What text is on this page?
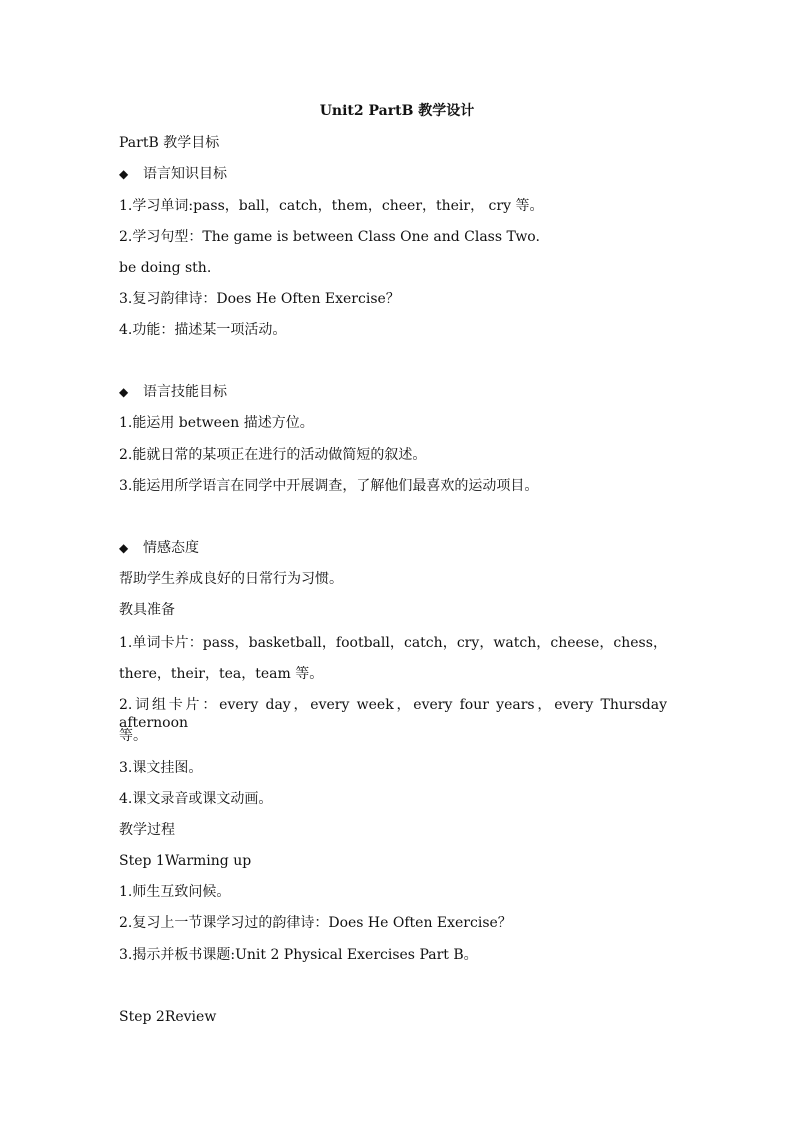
Unit2 PartB 教学设计
PartB 教学目标
◆ 语言知识目标
1.学习单词:pass，ball，catch，them，cheer，their， cry 等。
2.学习句型：The game is between Class One and Class Two.
be doing sth.
3.复习韵律诗：Does He Often Exercise？
4.功能：描述某一项活动。
◆ 语言技能目标
1.能运用 between 描述方位。
2.能就日常的某项正在进行的活动做简短的叙述。
3.能运用所学语言在同学中开展调查，了解他们最喜欢的运动项目。
◆ 情感态度
帮助学生养成良好的日常行为习惯。
教具准备
1.单词卡片：pass，basketball，football，catch，cry，watch，cheese，chess，
there，their，tea，team 等。
2.词组卡片：every day，every week，every four years，every Thursday afternoon
等。
3.课文挂图。
4.课文录音或课文动画。
教学过程
Step 1Warming up
1.师生互致问候。
2.复习上一节课学习过的韵律诗：Does He Often Exercise？
3.揭示并板书课题:Unit 2 Physical Exercises Part B。
Step 2Review
